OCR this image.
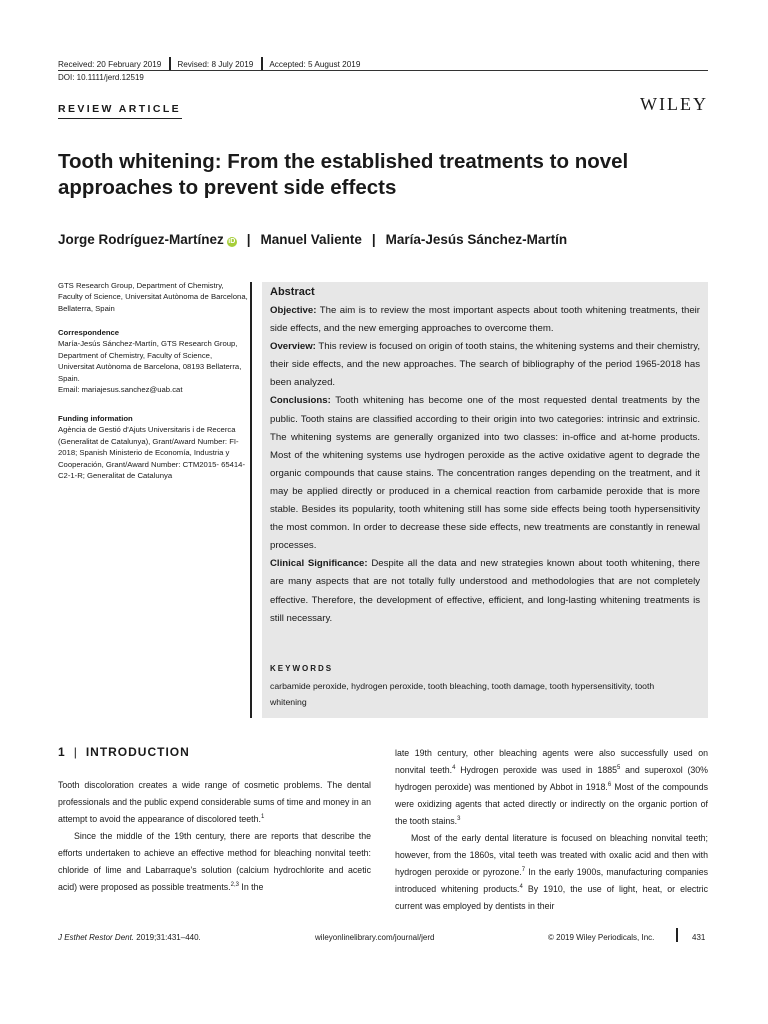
Received: 20 February 2019 Revised: 8 July 2019 Accepted: 5 August 2019
DOI: 10.1111/jerd.12519
REVIEW ARTICLE	WILEY
Tooth whitening: From the established treatments to novel approaches to prevent side effects
Jorge Rodríguez-Martínez iD | Manuel Valiente | María-Jesús Sánchez-Martín
GTS Research Group, Department of Chemistry, Faculty of Science, Universitat Autònoma de Barcelona, Bellaterra, Spain
Correspondence
María-Jesús Sánchez-Martín, GTS Research Group, Department of Chemistry, Faculty of Science, Universitat Autònoma de Barcelona, 08193 Bellaterra, Spain.
Email: mariajesus.sanchez@uab.cat
Funding information
Agència de Gestió d'Ajuts Universitaris i de Recerca (Generalitat de Catalunya), Grant/Award Number: FI-2018; Spanish Ministerio de Economía, Industria y Cooperación, Grant/Award Number: CTM2015- 65414-C2-1-R; Generalitat de Catalunya
Abstract

Objective: The aim is to review the most important aspects about tooth whitening treatments, their side effects, and the new emerging approaches to overcome them.

Overview: This review is focused on origin of tooth stains, the whitening systems and their chemistry, their side effects, and the new approaches. The search of bibliography of the period 1965-2018 has been analyzed.

Conclusions: Tooth whitening has become one of the most requested dental treatments by the public. Tooth stains are classified according to their origin into two categories: intrinsic and extrinsic. The whitening systems are generally organized into two classes: in-office and at-home products. Most of the whitening systems use hydrogen peroxide as the active oxidative agent to degrade the organic compounds that cause stains. The concentration ranges depending on the treatment, and it may be applied directly or produced in a chemical reaction from carbamide peroxide that is more stable. Besides its popularity, tooth whitening still has some side effects being tooth hypersensitivity the most common. In order to decrease these side effects, new treatments are constantly in renewal processes.

Clinical Significance: Despite all the data and new strategies known about tooth whitening, there are many aspects that are not totally fully understood and methodologies that are not completely effective. Therefore, the development of effective, efficient, and long-lasting whitening treatments is still necessary.

KEYWORDS
carbamide peroxide, hydrogen peroxide, tooth bleaching, tooth damage, tooth hypersensitivity, tooth whitening
1 | INTRODUCTION

Tooth discoloration creates a wide range of cosmetic problems. The dental professionals and the public expend considerable sums of time and money in an attempt to avoid the appearance of discolored teeth.$^1$

Since the middle of the 19th century, there are reports that describe the efforts undertaken to achieve an effective method for bleaching nonvital teeth: chloride of lime and Labarraque's solution (calcium hydrochlorite and acetic acid) were proposed as possible treatments.$^{2,3}$ In the

late 19th century, other bleaching agents were also successfully used on nonvital teeth.$^4$ Hydrogen peroxide was used in 1885$^5$ and superoxol (30% hydrogen peroxide) was mentioned by Abbot in 1918.$^6$ Most of the compounds were oxidizing agents that acted directly or indirectly on the organic portion of the tooth stains.$^3$

Most of the early dental literature is focused on bleaching nonvital teeth; however, from the 1860s, vital teeth was treated with oxalic acid and then with hydrogen peroxide or pyrozone.$^7$ In the early 1900s, manufacturing companies introduced whitening products.$^4$ By 1910, the use of light, heat, or electric current was employed by dentists in their

J Esthet Restor Dent. 2019;31:431–440.	wileyonlinelibrary.com/journal/jerd	© 2019 Wiley Periodicals, Inc.	431
